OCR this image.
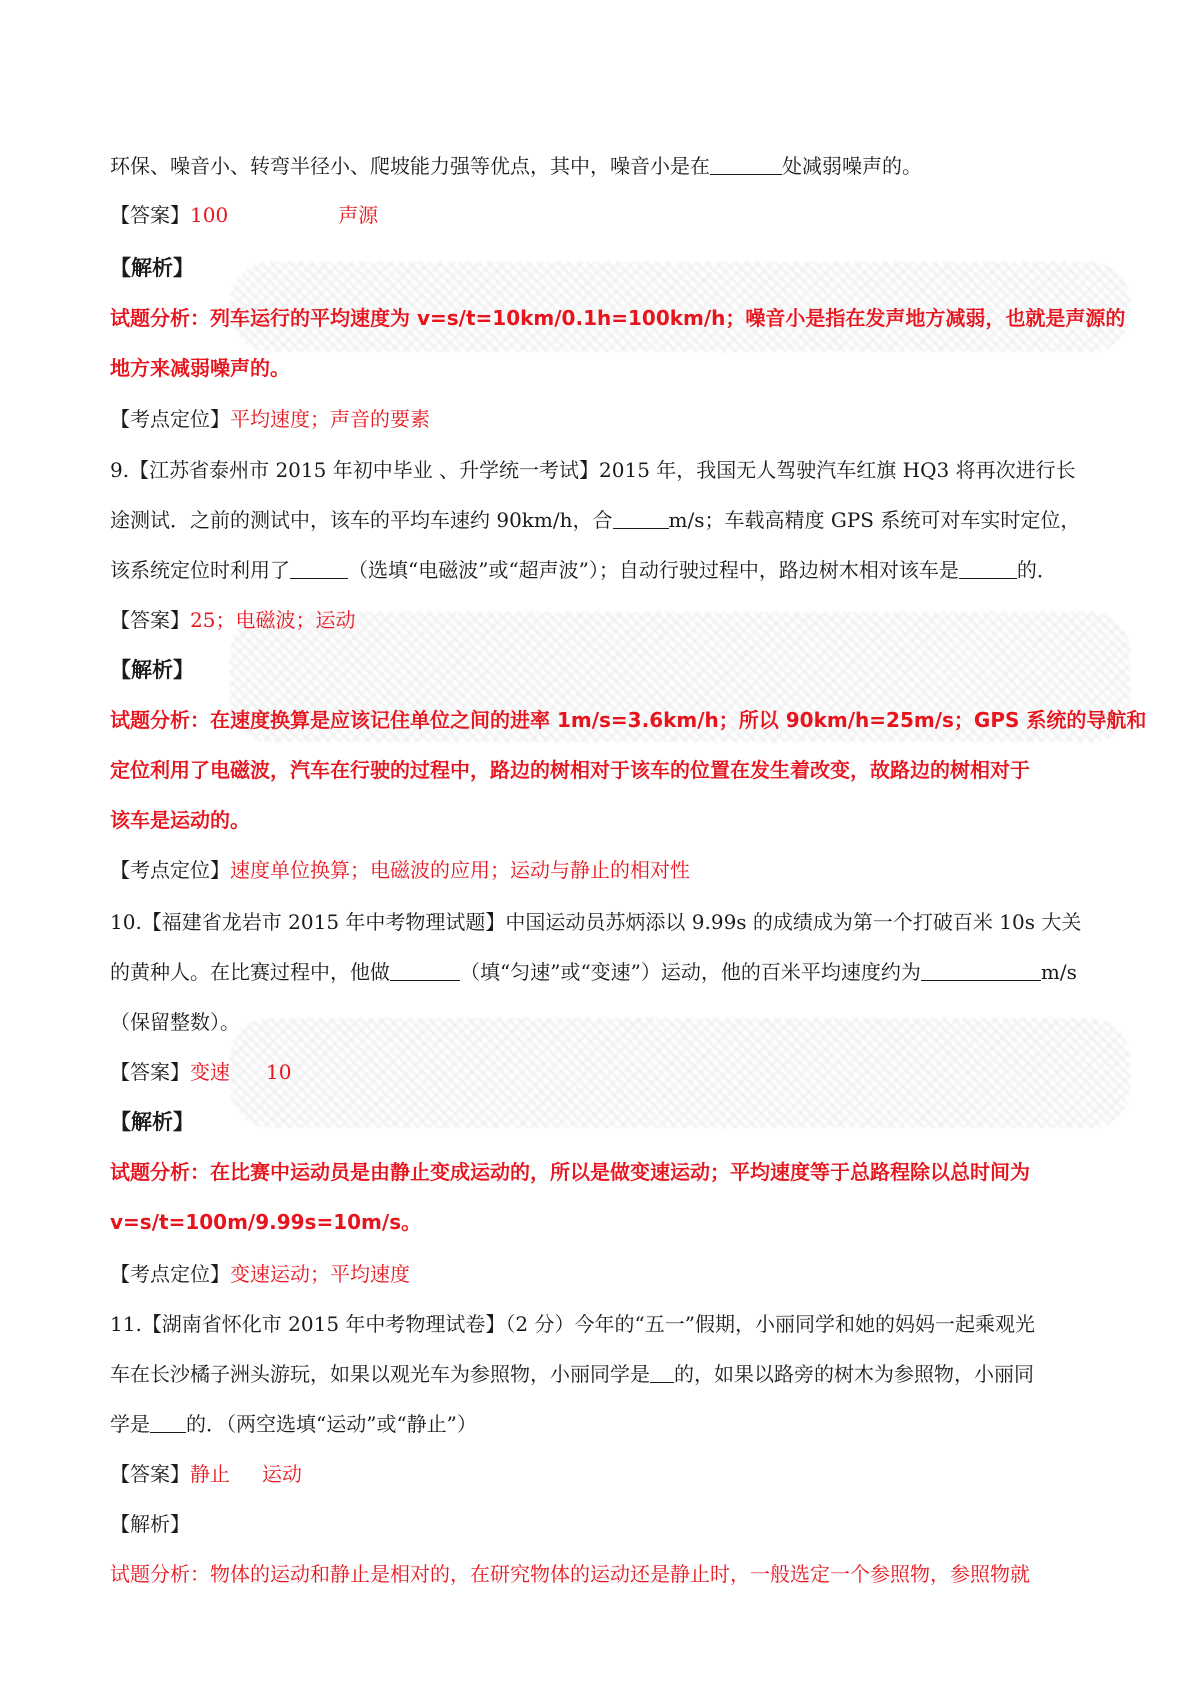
环保、噪音小、转弯半径小、爬坡能力强等优点，其中，噪音小是在	处减弱噪声的。
【答案】100	声源
【解析】
试题分析：列车运行的平均速度为 v=s/t=10km/0.1h=100km/h；噪音小是指在发声地方减弱，也就是声源的
地方来减弱噪声的。
【考点定位】平均速度；声音的要素
9.【江苏省泰州市 2015 年初中毕业 、升学统一考试】2015 年，我国无人驾驶汽车红旗 HQ3 将再次进行长
途测试．之前的测试中，该车的平均车速约 90km/h，合	m/s；车载高精度 GPS 系统可对车实时定位，
该系统定位时利用了	（选填“电磁波”或“超声波”）；自动行驶过程中，路边树木相对该车是	的．
【答案】25；电磁波；运动
【解析】
试题分析：在速度换算是应该记住单位之间的进率 1m/s=3.6km/h；所以 90km/h=25m/s；GPS 系统的导航和
定位利用了电磁波，汽车在行驶的过程中，路边的树相对于该车的位置在发生着改变，故路边的树相对于
该车是运动的。
【考点定位】速度单位换算；电磁波的应用；运动与静止的相对性
10.【福建省龙岩市 2015 年中考物理试题】中国运动员苏炳添以 9.99s 的成绩成为第一个打破百米 10s 大关
的黄种人。在比赛过程中，他做	（填“匀速”或“变速”）运动，他的百米平均速度约为	m/s
（保留整数）。
【答案】变速 10
【解析】
试题分析：在比赛中运动员是由静止变成运动的，所以是做变速运动；平均速度等于总路程除以总时间为
v=s/t=100m/9.99s=10m/s。
【考点定位】变速运动；平均速度
11.【湖南省怀化市 2015 年中考物理试卷】（2 分）今年的“五一”假期，小丽同学和她的妈妈一起乘观光
车在长沙橘子洲头游玩，如果以观光车为参照物，小丽同学是 的，如果以路旁的树木为参照物，小丽同
学是 的．（两空选填“运动”或“静止”）
【答案】静止 运动
【解析】
试题分析：物体的运动和静止是相对的，在研究物体的运动还是静止时，一般选定一个参照物，参照物就
